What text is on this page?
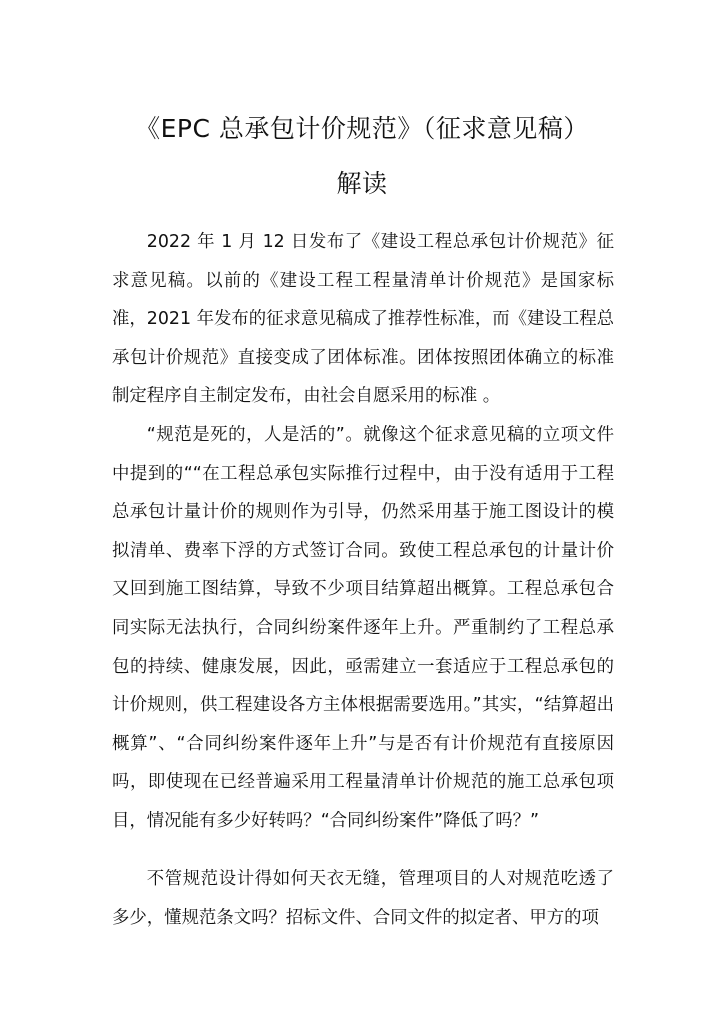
《EPC 总承包计价规范》（征求意见稿）
解读

2022 年 1 月 12 日发布了《建设工程总承包计价规范》征求意见稿。以前的《建设工程工程量清单计价规范》是国家标准，2021 年发布的征求意见稿成了推荐性标准，而《建设工程总承包计价规范》直接变成了团体标准。团体按照团体确立的标准制定程序自主制定发布，由社会自愿采用的标准 。

“规范是死的，人是活的”。就像这个征求意见稿的立项文件中提到的““在工程总承包实际推行过程中，由于没有适用于工程总承包计量计价的规则作为引导，仍然采用基于施工图设计的模拟清单、费率下浮的方式签订合同。致使工程总承包的计量计价又回到施工图结算，导致不少项目结算超出概算。工程总承包合同实际无法执行，合同纠纷案件逐年上升。严重制约了工程总承包的持续、健康发展，因此，亟需建立一套适应于工程总承包的计价规则，供工程建设各方主体根据需要选用。”其实，“结算超出概算”、“合同纠纷案件逐年上升”与是否有计价规范有直接原因吗，即使现在已经普遍采用工程量清单计价规范的施工总承包项目，情况能有多少好转吗？“合同纠纷案件”降低了吗？”

不管规范设计得如何天衣无缝，管理项目的人对规范吃透了多少，懂规范条文吗？招标文件、合同文件的拟定者、甲方的项
